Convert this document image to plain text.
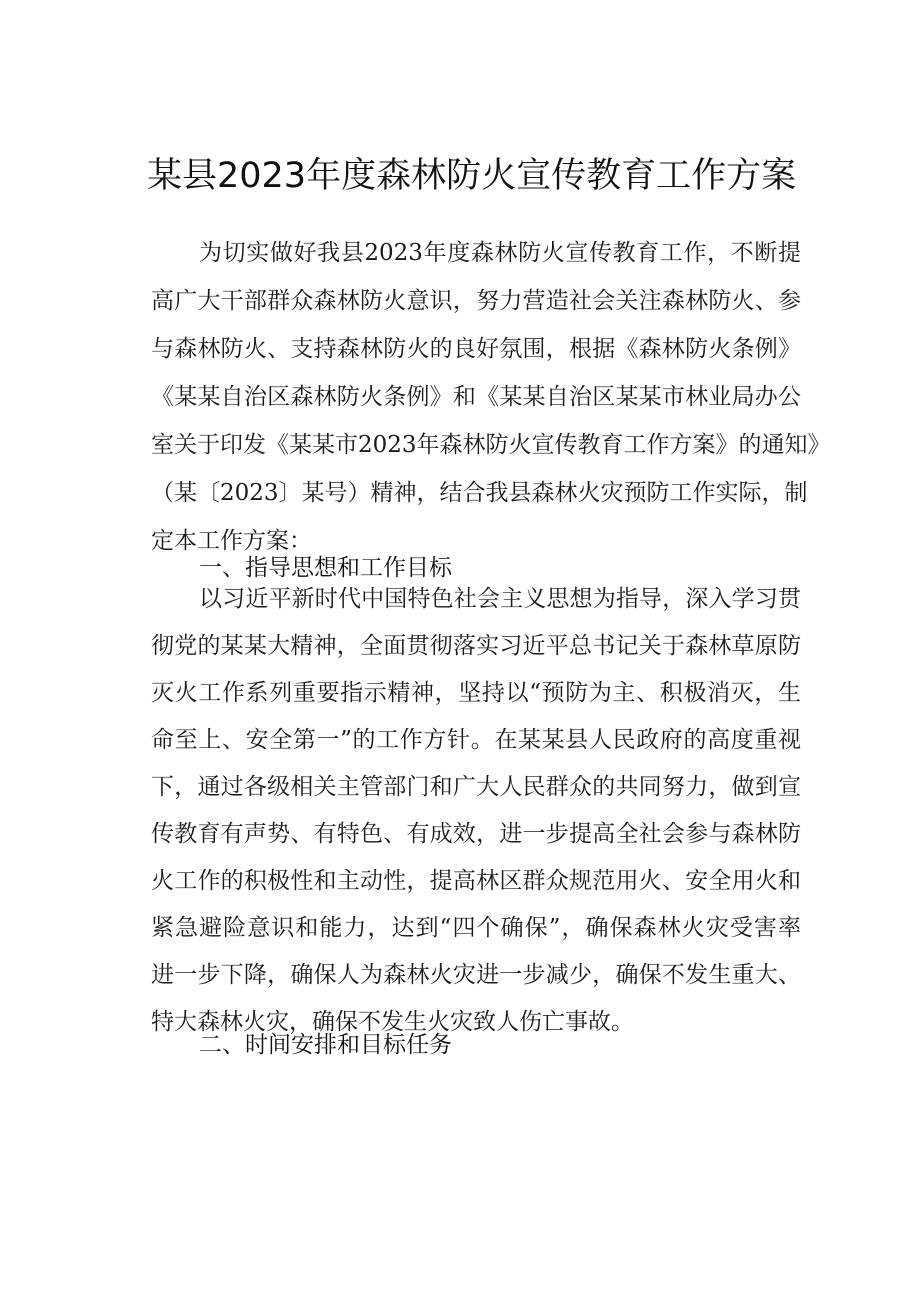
某县2023年度森林防火宣传教育工作方案
为切实做好我县2023年度森林防火宣传教育工作，不断提
高广大干部群众森林防火意识，努力营造社会关注森林防火、参
与森林防火、支持森林防火的良好氛围，根据《森林防火条例》
《某某自治区森林防火条例》和《某某自治区某某市林业局办公
室关于印发《某某市2023年森林防火宣传教育工作方案》的通知》
（某〔2023〕某号）精神，结合我县森林火灾预防工作实际，制
定本工作方案：
一、指导思想和工作目标
以习近平新时代中国特色社会主义思想为指导，深入学习贯
彻党的某某大精神，全面贯彻落实习近平总书记关于森林草原防
灭火工作系列重要指示精神，坚持以“预防为主、积极消灭，生
命至上、安全第一”的工作方针。在某某县人民政府的高度重视
下，通过各级相关主管部门和广大人民群众的共同努力，做到宣
传教育有声势、有特色、有成效，进一步提高全社会参与森林防
火工作的积极性和主动性，提高林区群众规范用火、安全用火和
紧急避险意识和能力，达到“四个确保”，确保森林火灾受害率
进一步下降，确保人为森林火灾进一步减少，确保不发生重大、
特大森林火灾，确保不发生火灾致人伤亡事故。
二、时间安排和目标任务
